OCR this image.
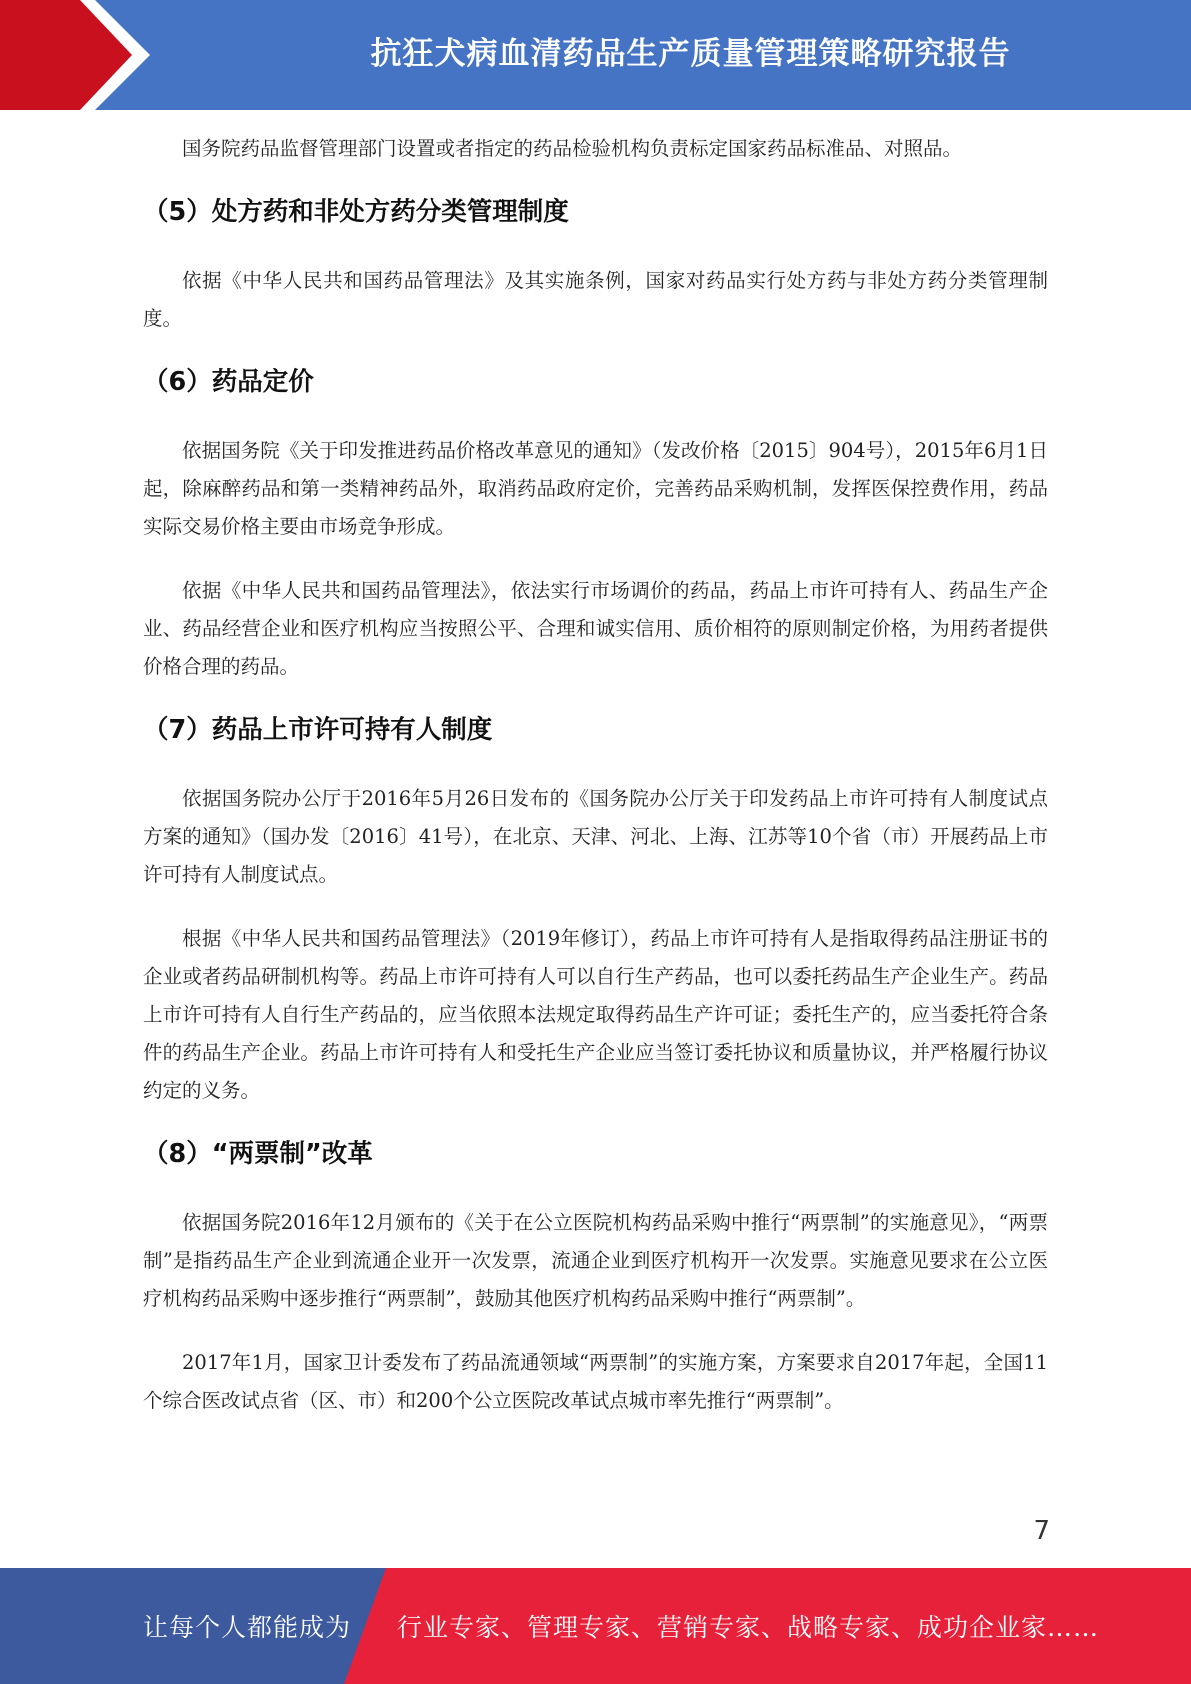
抗狂犬病血清药品生产质量管理策略研究报告

国务院药品监督管理部门设置或者指定的药品检验机构负责标定国家药品标准品、对照品。

（5）处方药和非处方药分类管理制度

依据《中华人民共和国药品管理法》及其实施条例，国家对药品实行处方药与非处方药分类管理制度。

（6）药品定价

依据国务院《关于印发推进药品价格改革意见的通知》（发改价格〔2015〕904号），2015年6月1日起，除麻醉药品和第一类精神药品外，取消药品政府定价，完善药品采购机制，发挥医保控费作用，药品实际交易价格主要由市场竞争形成。

依据《中华人民共和国药品管理法》，依法实行市场调价的药品，药品上市许可持有人、药品生产企业、药品经营企业和医疗机构应当按照公平、合理和诚实信用、质价相符的原则制定价格，为用药者提供价格合理的药品。

（7）药品上市许可持有人制度

依据国务院办公厅于2016年5月26日发布的《国务院办公厅关于印发药品上市许可持有人制度试点方案的通知》（国办发〔2016〕41号），在北京、天津、河北、上海、江苏等10个省（市）开展药品上市许可持有人制度试点。

根据《中华人民共和国药品管理法》（2019年修订），药品上市许可持有人是指取得药品注册证书的企业或者药品研制机构等。药品上市许可持有人可以自行生产药品，也可以委托药品生产企业生产。药品上市许可持有人自行生产药品的，应当依照本法规定取得药品生产许可证；委托生产的，应当委托符合条件的药品生产企业。药品上市许可持有人和受托生产企业应当签订委托协议和质量协议，并严格履行协议约定的义务。

（8）“两票制”改革

依据国务院2016年12月颁布的《关于在公立医院机构药品采购中推行“两票制”的实施意见》，“两票制”是指药品生产企业到流通企业开一次发票，流通企业到医疗机构开一次发票。实施意见要求在公立医疗机构药品采购中逐步推行“两票制”，鼓励其他医疗机构药品采购中推行“两票制”。

2017年1月，国家卫计委发布了药品流通领域“两票制”的实施方案，方案要求自2017年起，全国11个综合医改试点省（区、市）和200个公立医院改革试点城市率先推行“两票制”。

7
让每个人都能成为 行业专家、管理专家、营销专家、战略专家、成功企业家……
